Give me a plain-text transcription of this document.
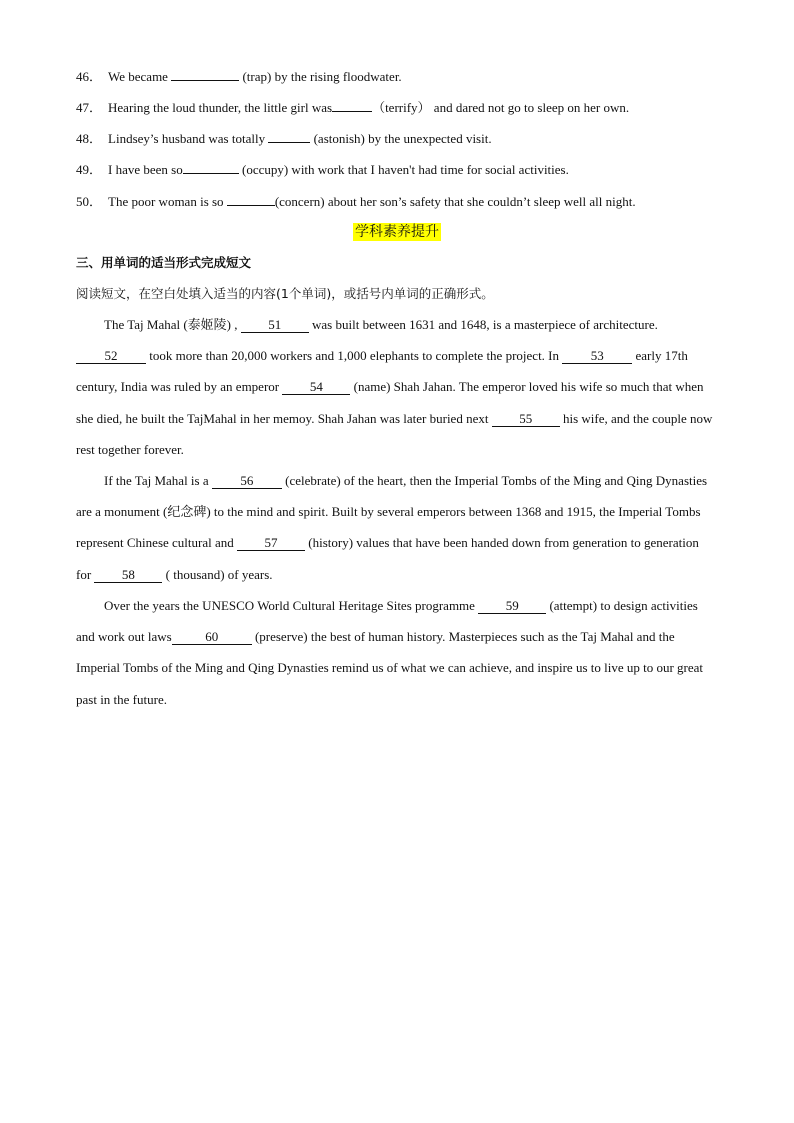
46． We became	(trap) by the rising floodwater.
47． Hearing the loud thunder, the little girl was	（terrify） and dared not go to sleep on her own.
48． Lindsey’s husband was totally	(astonish) by the unexpected visit.
49． I have been so	(occupy) with work that I haven't had time for social activities.
50． The poor woman is so	(concern) about her son’s safety that she couldn’t sleep well all night.
学科素养提升
三、用单词的适当形式完成短文
阅读短文，在空白处填入适当的内容(1个单词)，或括号内单词的正确形式。
The Taj Mahal (泰姬陵) , 51 was built between 1631 and 1648, is a masterpiece of architecture. 52 took more than 20,000 workers and 1,000 elephants to complete the project. In 53 early 17th century, India was ruled by an emperor 54 (name) Shah Jahan. The emperor loved his wife so much that when she died, he built the TajMahal in her memoy. Shah Jahan was later buried next 55 his wife, and the couple now rest together forever.
If the Taj Mahal is a 56 (celebrate) of the heart, then the Imperial Tombs of the Ming and Qing Dynasties are a monument (纪念碑) to the mind and spirit. Built by several emperors between 1368 and 1915, the Imperial Tombs represent Chinese cultural and 57 (history) values that have been handed down from generation to generation for 58 ( thousand) of years.
Over the years the UNESCO World Cultural Heritage Sites programme 59 (attempt) to design activities and work out laws	60	(preserve) the best of human history. Masterpieces such as the Taj Mahal and the Imperial Tombs of the Ming and Qing Dynasties remind us of what we can achieve, and inspire us to live up to our great past in the future.
